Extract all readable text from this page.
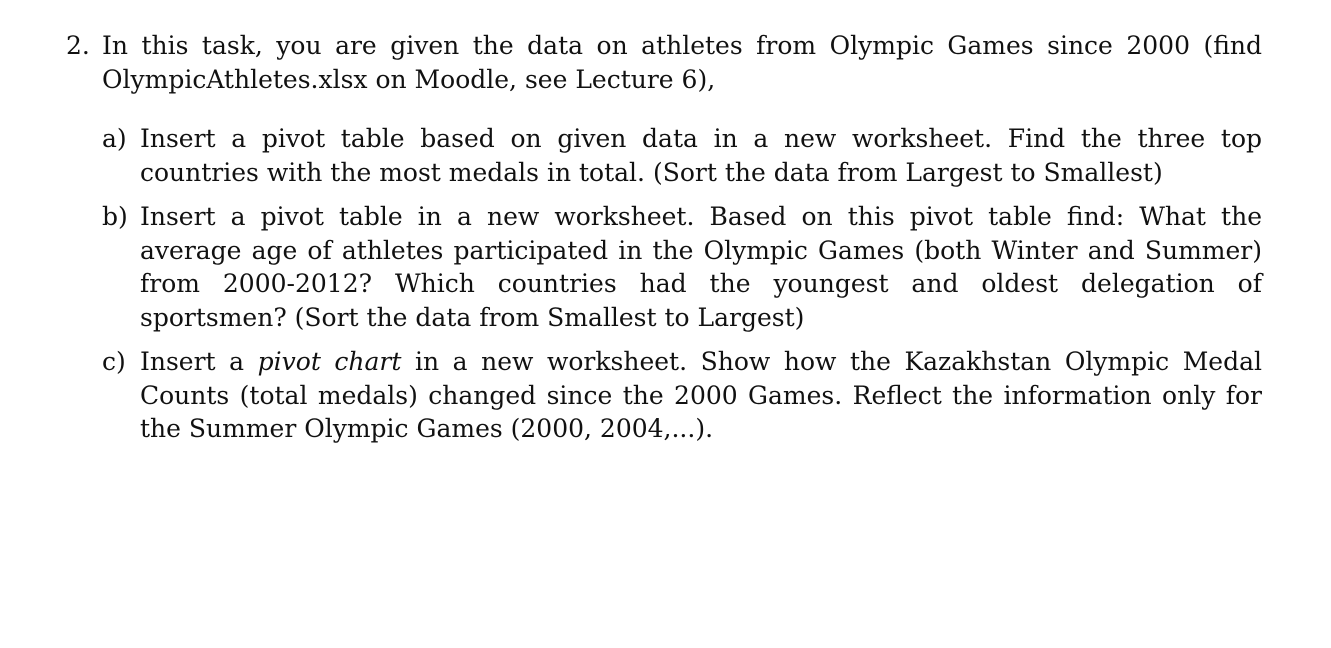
2. In this task, you are given the data on athletes from Olympic Games since 2000 (find OlympicAthletes.xlsx on Moodle, see Lecture 6),
a) Insert a pivot table based on given data in a new worksheet. Find the three top countries with the most medals in total. (Sort the data from Largest to Smallest)
b) Insert a pivot table in a new worksheet. Based on this pivot table find: What the average age of athletes participated in the Olympic Games (both Winter and Summer) from 2000-2012? Which countries had the youngest and oldest delegation of sportsmen? (Sort the data from Smallest to Largest)
c) Insert a pivot chart in a new worksheet. Show how the Kazakhstan Olympic Medal Counts (total medals) changed since the 2000 Games. Reflect the information only for the Summer Olympic Games (2000, 2004,...).
